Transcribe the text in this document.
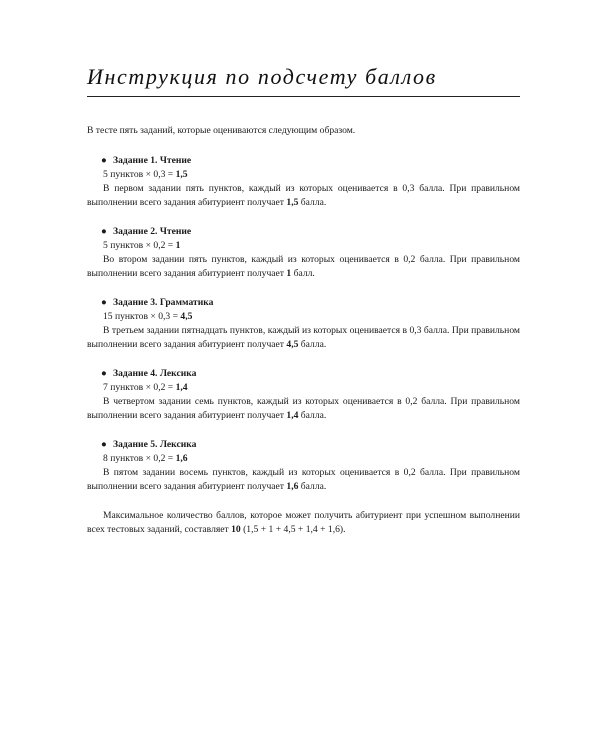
Инструкция по подсчету баллов

В тесте пять заданий, которые оцениваются следующим образом.

● Задание 1. Чтение
5 пунктов × 0,3 = 1,5

В первом задании пять пунктов, каждый из которых оценивается в 0,3 балла. При правильном выполнении всего задания абитуриент получает 1,5 балла.

● Задание 2. Чтение
5 пунктов × 0,2 = 1

Во втором задании пять пунктов, каждый из которых оценивается в 0,2 балла. При правильном выполнении всего задания абитуриент получает 1 балл.

● Задание 3. Грамматика
15 пунктов × 0,3 = 4,5

В третьем задании пятнадцать пунктов, каждый из которых оценивается в 0,3 балла. При правильном выполнении всего задания абитуриент получает 4,5 балла.

● Задание 4. Лексика
7 пунктов × 0,2 = 1,4

В четвертом задании семь пунктов, каждый из которых оценивается в 0,2 балла. При правильном выполнении всего задания абитуриент получает 1,4 балла.

● Задание 5. Лексика
8 пунктов × 0,2 = 1,6

В пятом задании восемь пунктов, каждый из которых оценивается в 0,2 балла. При правильном выполнении всего задания абитуриент получает 1,6 балла.

Максимальное количество баллов, которое может получить абитуриент при успешном выполнении всех тестовых заданий, составляет 10 (1,5 + 1 + 4,5 + 1,4 + 1,6).
